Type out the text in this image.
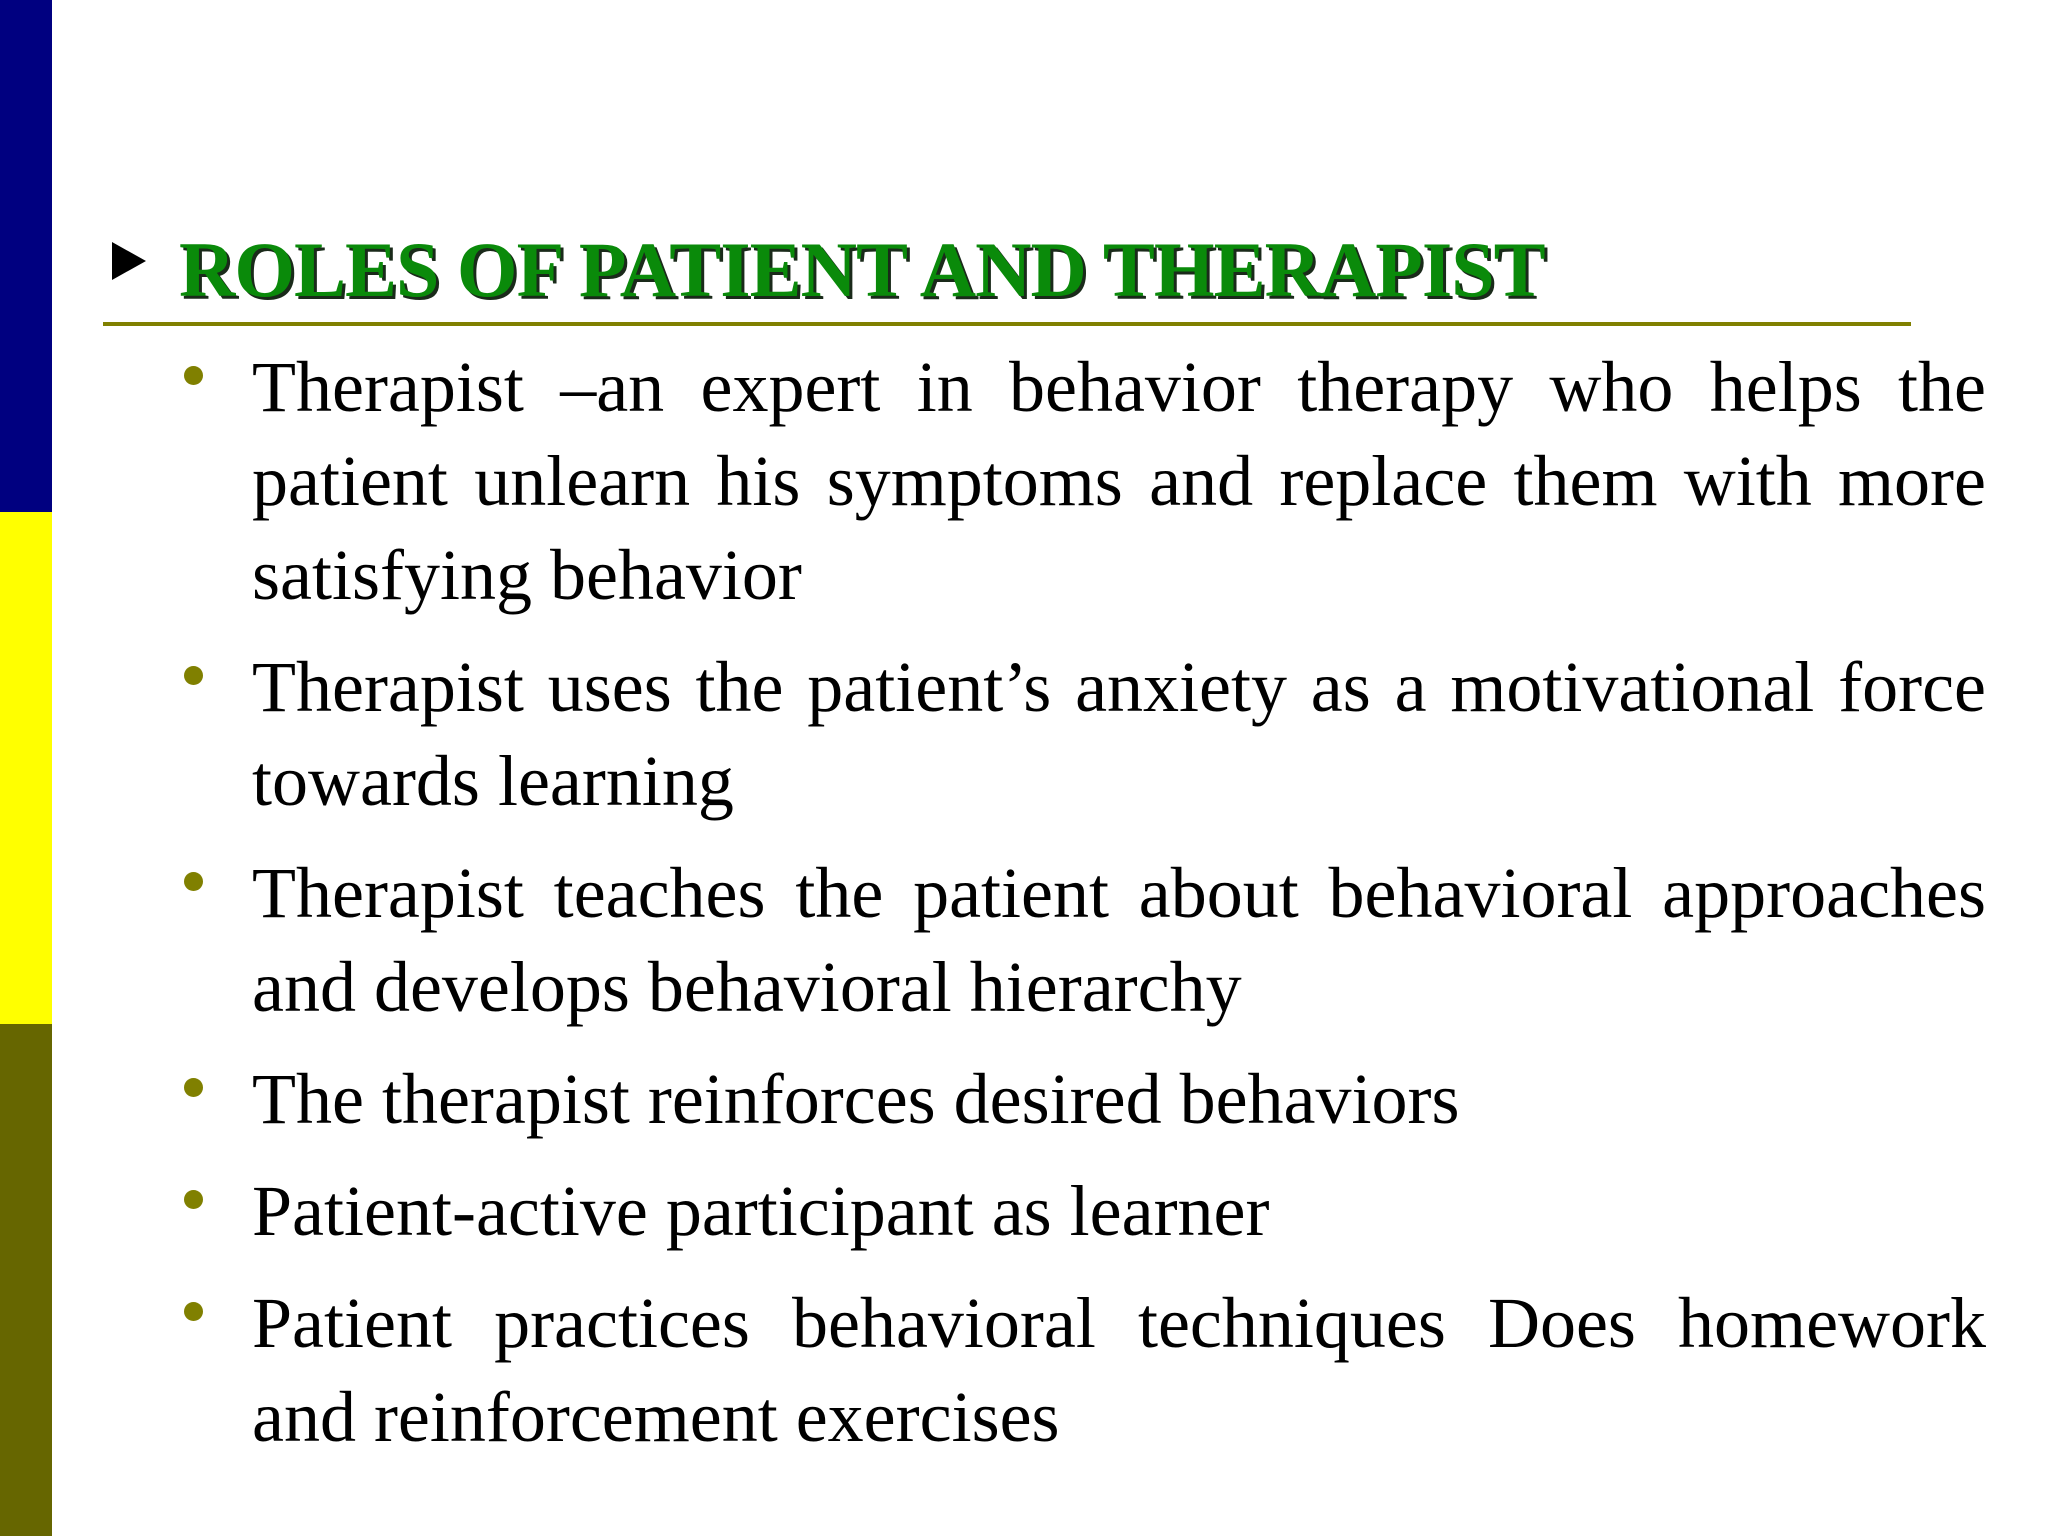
ROLES OF PATIENT AND THERAPIST
Therapist –an expert in behavior therapy who helps the patient unlearn his symptoms and replace them with more satisfying behavior
Therapist uses the patient’s anxiety as a motivational force towards learning
Therapist teaches the patient about behavioral approaches and develops behavioral hierarchy
The therapist reinforces desired behaviors
Patient-active participant as learner
Patient practices behavioral techniques Does homework and reinforcement exercises
